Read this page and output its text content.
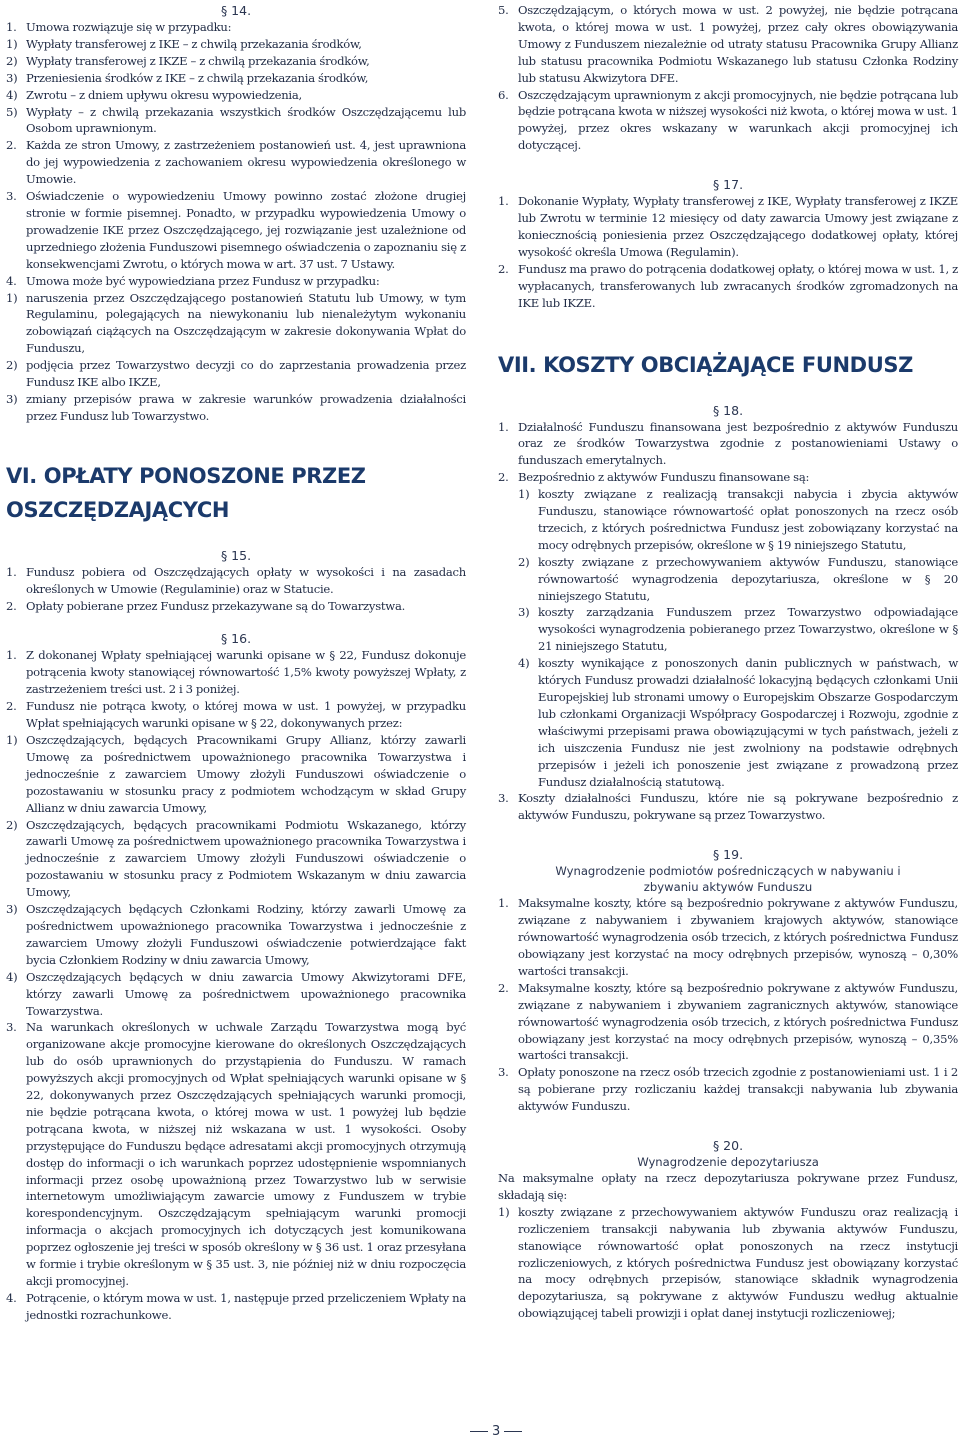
§ 14.
1. Umowa rozwiązuje się w przypadku:
1) Wypłaty transferowej z IKE – z chwilą przekazania środków,
2) Wypłaty transferowej z IKZE – z chwilą przekazania środków,
3) Przeniesienia środków z IKE – z chwilą przekazania środków,
4) Zwrotu – z dniem upływu okresu wypowiedzenia,
5) Wypłaty – z chwilą przekazania wszystkich środków Oszczędzającemu lub Osobom uprawnionym.
2. Każda ze stron Umowy, z zastrzeżeniem postanowień ust. 4, jest uprawniona do jej wypowiedzenia z zachowaniem okresu wypowiedzenia określonego w Umowie.
3. Oświadczenie o wypowiedzeniu Umowy powinno zostać złożone drugiej stronie w formie pisemnej. Ponadto, w przypadku wypowiedzenia Umowy o prowadzenie IKE przez Oszczędzającego, jej rozwiązanie jest uzależnione od uprzedniego złożenia Funduszowi pisemnego oświadczenia o zapoznaniu się z konsekwencjami Zwrotu, o których mowa w art. 37 ust. 7 Ustawy.
4. Umowa może być wypowiedziana przez Fundusz w przypadku:
1) naruszenia przez Oszczędzającego postanowień Statutu lub Umowy, w tym Regulaminu, polegających na niewykonaniu lub nienależytym wykonaniu zobowiązań ciążących na Oszczędzającym w zakresie dokonywania Wpłat do Funduszu,
2) podjęcia przez Towarzystwo decyzji co do zaprzestania prowadzenia przez Fundusz IKE albo IKZE,
3) zmiany przepisów prawa w zakresie warunków prowadzenia działalności przez Fundusz lub Towarzystwo.
VI. OPŁATY PONOSZONE PRZEZ
OSZCZĘDZAJĄCYCH
§ 15.
1. Fundusz pobiera od Oszczędzających opłaty w wysokości i na zasadach określonych w Umowie (Regulaminie) oraz w Statucie.
2. Opłaty pobierane przez Fundusz przekazywane są do Towarzystwa.
§ 16.
1. Z dokonanej Wpłaty spełniającej warunki opisane w § 22, Fundusz dokonuje potrącenia kwoty stanowiącej równowartość 1,5% kwoty powyższej Wpłaty, z zastrzeżeniem treści ust. 2 i 3 poniżej.
2. Fundusz nie potrąca kwoty, o której mowa w ust. 1 powyżej, w przypadku Wpłat spełniających warunki opisane w § 22, dokonywanych przez:
1) Oszczędzających, będących Pracownikami Grupy Allianz, którzy zawarli Umowę za pośrednictwem upoważnionego pracownika Towarzystwa i jednocześnie z zawarciem Umowy złożyli Funduszowi oświadczenie o pozostawaniu w stosunku pracy z podmiotem wchodzącym w skład Grupy Allianz w dniu zawarcia Umowy,
2) Oszczędzających, będących pracownikami Podmiotu Wskazanego, którzy zawarli Umowę za pośrednictwem upoważnionego pracownika Towarzystwa i jednocześnie z zawarciem Umowy złożyli Funduszowi oświadczenie o pozostawaniu w stosunku pracy z Podmiotem Wskazanym w dniu zawarcia Umowy,
3) Oszczędzających będących Członkami Rodziny, którzy zawarli Umowę za pośrednictwem upoważnionego pracownika Towarzystwa i jednocześnie z zawarciem Umowy złożyli Funduszowi oświadczenie potwierdzające fakt bycia Członkiem Rodziny w dniu zawarcia Umowy,
4) Oszczędzających będących w dniu zawarcia Umowy Akwizytorami DFE, którzy zawarli Umowę za pośrednictwem upoważnionego pracownika Towarzystwa.
3. Na warunkach określonych w uchwale Zarządu Towarzystwa mogą być organizowane akcje promocyjne kierowane do określonych Oszczędzających lub do osób uprawnionych do przystąpienia do Funduszu. W ramach powyższych akcji promocyjnych od Wpłat spełniających warunki opisane w § 22, dokonywanych przez Oszczędzających spełniających warunki promocji, nie będzie potrącana kwota, o której mowa w ust. 1 powyżej lub będzie potrącana kwota, w niższej niż wskazana w ust. 1 wysokości. Osoby przystępujące do Funduszu będące adresatami akcji promocyjnych otrzymują dostęp do informacji o ich warunkach poprzez udostępnienie wspomnianych informacji przez osobę upoważnioną przez Towarzystwo lub w serwisie internetowym umożliwiającym zawarcie umowy z Funduszem w trybie korespondencyjnym. Oszczędzającym spełniającym warunki promocji informacja o akcjach promocyjnych ich dotyczących jest komunikowana poprzez ogłoszenie jej treści w sposób określony w § 36 ust. 1 oraz przesyłana w formie i trybie określonym w § 35 ust. 3, nie później niż w dniu rozpoczęcia akcji promocyjnej.
4. Potrącenie, o którym mowa w ust. 1, następuje przed przeliczeniem Wpłaty na jednostki rozrachunkowe.
5. Oszczędzającym, o których mowa w ust. 2 powyżej, nie będzie potrącana kwota, o której mowa w ust. 1 powyżej, przez cały okres obowiązywania Umowy z Funduszem niezależnie od utraty statusu Pracownika Grupy Allianz lub statusu pracownika Podmiotu Wskazanego lub statusu Członka Rodziny lub statusu Akwizytora DFE.
6. Oszczędzającym uprawnionym z akcji promocyjnych, nie będzie potrącana lub będzie potrącana kwota w niższej wysokości niż kwota, o której mowa w ust. 1 powyżej, przez okres wskazany w warunkach akcji promocyjnej ich dotyczącej.
§ 17.
1. Dokonanie Wypłaty, Wypłaty transferowej z IKE, Wypłaty transferowej z IKZE lub Zwrotu w terminie 12 miesięcy od daty zawarcia Umowy jest związane z koniecznością poniesienia przez Oszczędzającego dodatkowej opłaty, której wysokość określa Umowa (Regulamin).
2. Fundusz ma prawo do potrącenia dodatkowej opłaty, o której mowa w ust. 1, z wypłacanych, transferowanych lub zwracanych środków zgromadzonych na IKE lub IKZE.
VII. KOSZTY OBCIĄŻAJĄCE FUNDUSZ
§ 18.
1. Działalność Funduszu finansowana jest bezpośrednio z aktywów Funduszu oraz ze środków Towarzystwa zgodnie z postanowieniami Ustawy o funduszach emerytalnych.
2. Bezpośrednio z aktywów Funduszu finansowane są:
1) koszty związane z realizacją transakcji nabycia i zbycia aktywów Funduszu, stanowiące równowartość opłat ponoszonych na rzecz osób trzecich, z których pośrednictwa Fundusz jest zobowiązany korzystać na mocy odrębnych przepisów, określone w § 19 niniejszego Statutu,
2) koszty związane z przechowywaniem aktywów Funduszu, stanowiące równowartość wynagrodzenia depozytariusza, określone w § 20 niniejszego Statutu,
3) koszty zarządzania Funduszem przez Towarzystwo odpowiadające wysokości wynagrodzenia pobieranego przez Towarzystwo, określone w § 21 niniejszego Statutu,
4) koszty wynikające z ponoszonych danin publicznych w państwach, w których Fundusz prowadzi działalność lokacyjną będących członkami Unii Europejskiej lub stronami umowy o Europejskim Obszarze Gospodarczym lub członkami Organizacji Współpracy Gospodarczej i Rozwoju, zgodnie z właściwymi przepisami prawa obowiązującymi w tych państwach, jeżeli z ich uiszczenia Fundusz nie jest zwolniony na podstawie odrębnych przepisów i jeżeli ich ponoszenie jest związane z prowadzoną przez Fundusz działalnością statutową.
3. Koszty działalności Funduszu, które nie są pokrywane bezpośrednio z aktywów Funduszu, pokrywane są przez Towarzystwo.
§ 19.
Wynagrodzenie podmiotów pośredniczących w nabywaniu i zbywaniu aktywów Funduszu
1. Maksymalne koszty, które są bezpośrednio pokrywane z aktywów Funduszu, związane z nabywaniem i zbywaniem krajowych aktywów, stanowiące równowartość wynagrodzenia osób trzecich, z których pośrednictwa Fundusz obowiązany jest korzystać na mocy odrębnych przepisów, wynoszą – 0,30% wartości transakcji.
2. Maksymalne koszty, które są bezpośrednio pokrywane z aktywów Funduszu, związane z nabywaniem i zbywaniem zagranicznych aktywów, stanowiące równowartość wynagrodzenia osób trzecich, z których pośrednictwa Fundusz obowiązany jest korzystać na mocy odrębnych przepisów, wynoszą – 0,35% wartości transakcji.
3. Opłaty ponoszone na rzecz osób trzecich zgodnie z postanowieniami ust. 1 i 2 są pobierane przy rozliczaniu każdej transakcji nabywania lub zbywania aktywów Funduszu.
§ 20.
Wynagrodzenie depozytariusza
Na maksymalne opłaty na rzecz depozytariusza pokrywane przez Fundusz, składają się:
1) koszty związane z przechowywaniem aktywów Funduszu oraz realizacją i rozliczeniem transakcji nabywania lub zbywania aktywów Funduszu, stanowiące równowartość opłat ponoszonych na rzecz instytucji rozliczeniowych, z których pośrednictwa Fundusz jest obowiązany korzystać na mocy odrębnych przepisów, stanowiące składnik wynagrodzenia depozytariusza, są pokrywane z aktywów Funduszu według aktualnie obowiązującej tabeli prowizji i opłat danej instytucji rozliczeniowej;
3
